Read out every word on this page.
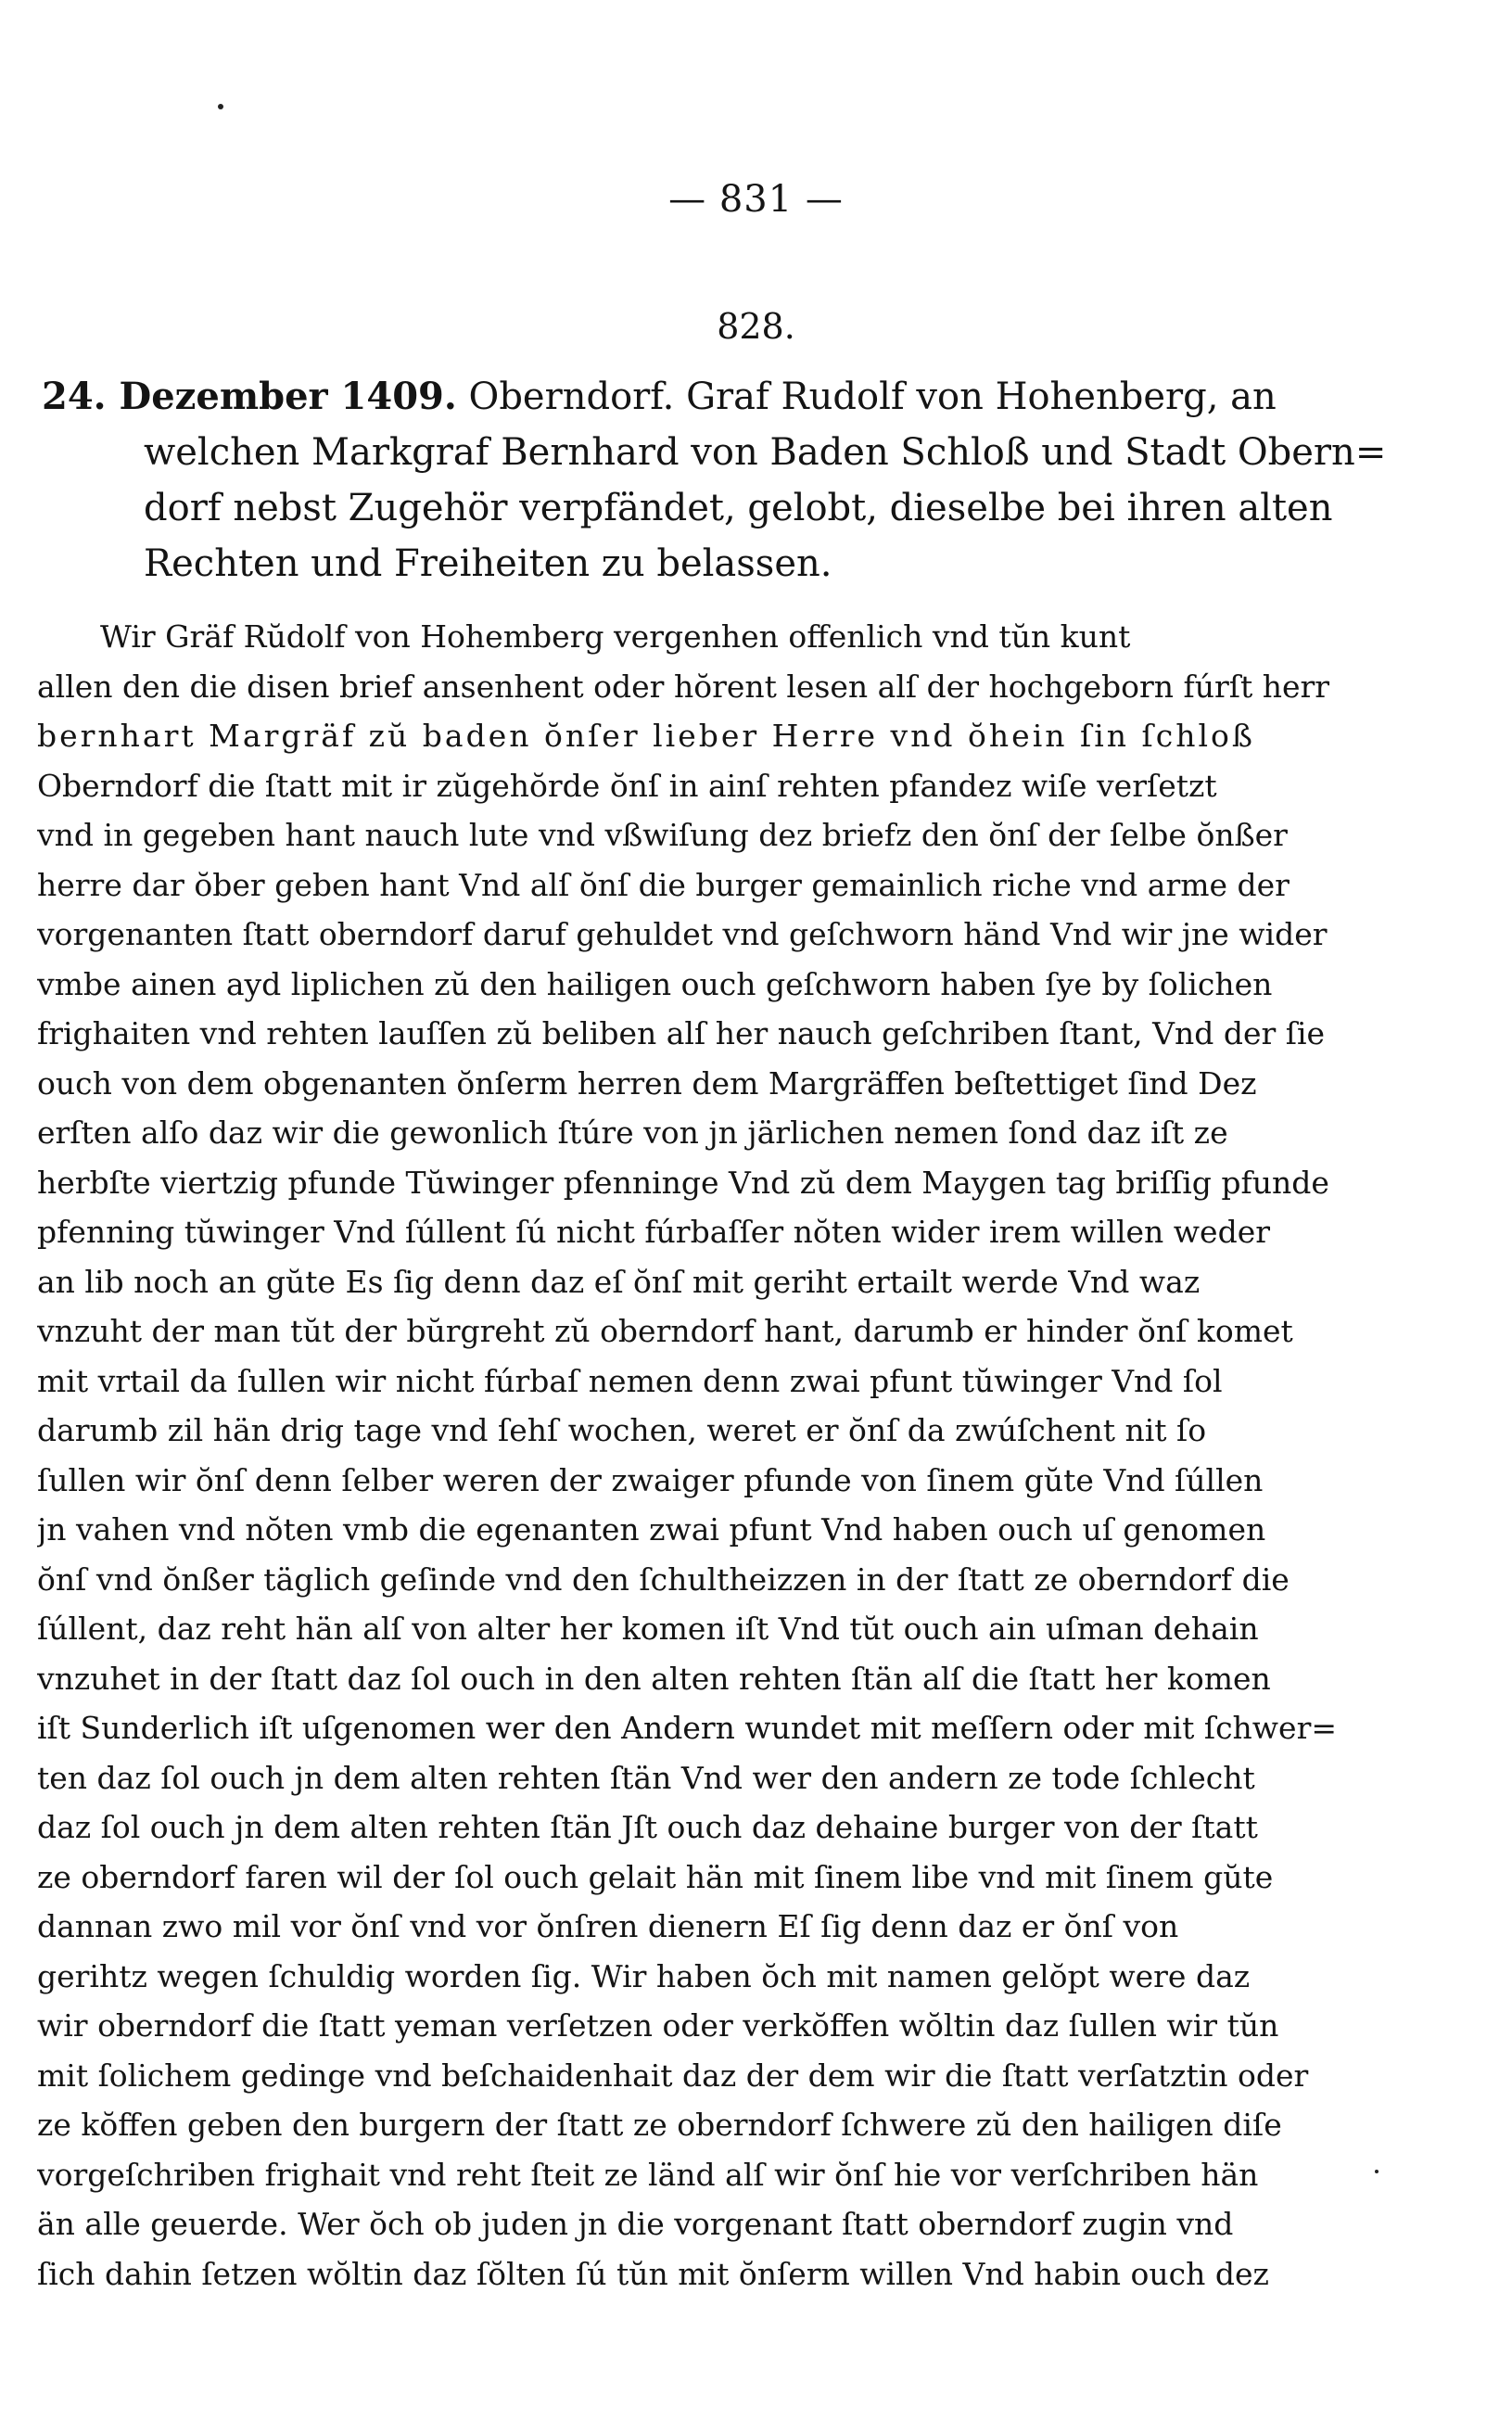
— 831 —
828.
24. Dezember 1409. Oberndorf. Graf Rudolf von Hohenberg, an
welchen Markgraf Bernhard von Baden Schloß und Stadt Obern=
dorf nebst Zugehör verpfändet, gelobt, dieselbe bei ihren alten
Rechten und Freiheiten zu belassen.
Wir Gräf Rŭdolf von Hohemberg vergenhen offenlich vnd tŭn kunt
allen den die disen brief ansenhent oder hŏrent lesen alſ der hochgeborn fúrſt herr
bernhart Margräf zŭ baden ŏnſer lieber Herre vnd ŏhein ſin ſchloß
Oberndorf die ſtatt mit ir zŭgehŏrde ŏnſ in ainſ rehten pfandez wiſe verſetzt
vnd in gegeben hant nauch lute vnd vßwiſung dez briefz den ŏnſ der ſelbe ŏnßer
herre dar ŏber geben hant Vnd alſ ŏnſ die burger gemainlich riche vnd arme der
vorgenanten ſtatt oberndorf daruf gehuldet vnd geſchworn händ Vnd wir jne wider
vmbe ainen ayd liplichen zŭ den hailigen ouch geſchworn haben ſye by ſolichen
frighaiten vnd rehten lauſſen zŭ beliben alſ her nauch geſchriben ſtant, Vnd der ſie
ouch von dem obgenanten ŏnſerm herren dem Margräffen beſtettiget ſind Dez
erſten alſo daz wir die gewonlich ſtúre von jn järlichen nemen ſond daz iſt ze
herbſte viertzig pfunde Tŭwinger pfenninge Vnd zŭ dem Maygen tag briſſig pfunde
pfenning tŭwinger Vnd ſúllent ſú nicht fúrbaſſer nŏten wider irem willen weder
an lib noch an gŭte Es ſig denn daz eſ ŏnſ mit geriht ertailt werde Vnd waz
vnzuht der man tŭt der bŭrgreht zŭ oberndorf hant, darumb er hinder ŏnſ komet
mit vrtail da ſullen wir nicht fúrbaſ nemen denn zwai pfunt tŭwinger Vnd ſol
darumb zil hän drig tage vnd ſehſ wochen, weret er ŏnſ da zwúſchent nit ſo
ſullen wir ŏnſ denn ſelber weren der zwaiger pfunde von ſinem gŭte Vnd ſúllen
jn vahen vnd nŏten vmb die egenanten zwai pfunt Vnd haben ouch uſ genomen
ŏnſ vnd ŏnßer täglich geſinde vnd den ſchultheizzen in der ſtatt ze oberndorf die
ſúllent, daz reht hän alſ von alter her komen iſt Vnd tŭt ouch ain uſman dehain
vnzuhet in der ſtatt daz ſol ouch in den alten rehten ſtän alſ die ſtatt her komen
iſt Sunderlich iſt uſgenomen wer den Andern wundet mit meſſern oder mit ſchwer=
ten daz ſol ouch jn dem alten rehten ſtän Vnd wer den andern ze tode ſchlecht
daz ſol ouch jn dem alten rehten ſtän Jſt ouch daz dehaine burger von der ſtatt
ze oberndorf faren wil der ſol ouch gelait hän mit ſinem libe vnd mit ſinem gŭte
dannan zwo mil vor ŏnſ vnd vor ŏnſren dienern Eſ ſig denn daz er ŏnſ von
gerihtz wegen ſchuldig worden ſig. Wir haben ŏch mit namen gelŏpt were daz
wir oberndorf die ſtatt yeman verſetzen oder verkŏffen wŏltin daz ſullen wir tŭn
mit ſolichem gedinge vnd beſchaidenhait daz der dem wir die ſtatt verſatztin oder
ze kŏffen geben den burgern der ſtatt ze oberndorf ſchwere zŭ den hailigen diſe
vorgeſchriben frighait vnd reht ſteit ze länd alſ wir ŏnſ hie vor verſchriben hän
än alle geuerde. Wer ŏch ob juden jn die vorgenant ſtatt oberndorf zugin vnd
ſich dahin ſetzen wŏltin daz ſŏlten ſú tŭn mit ŏnſerm willen Vnd habin ouch dez
